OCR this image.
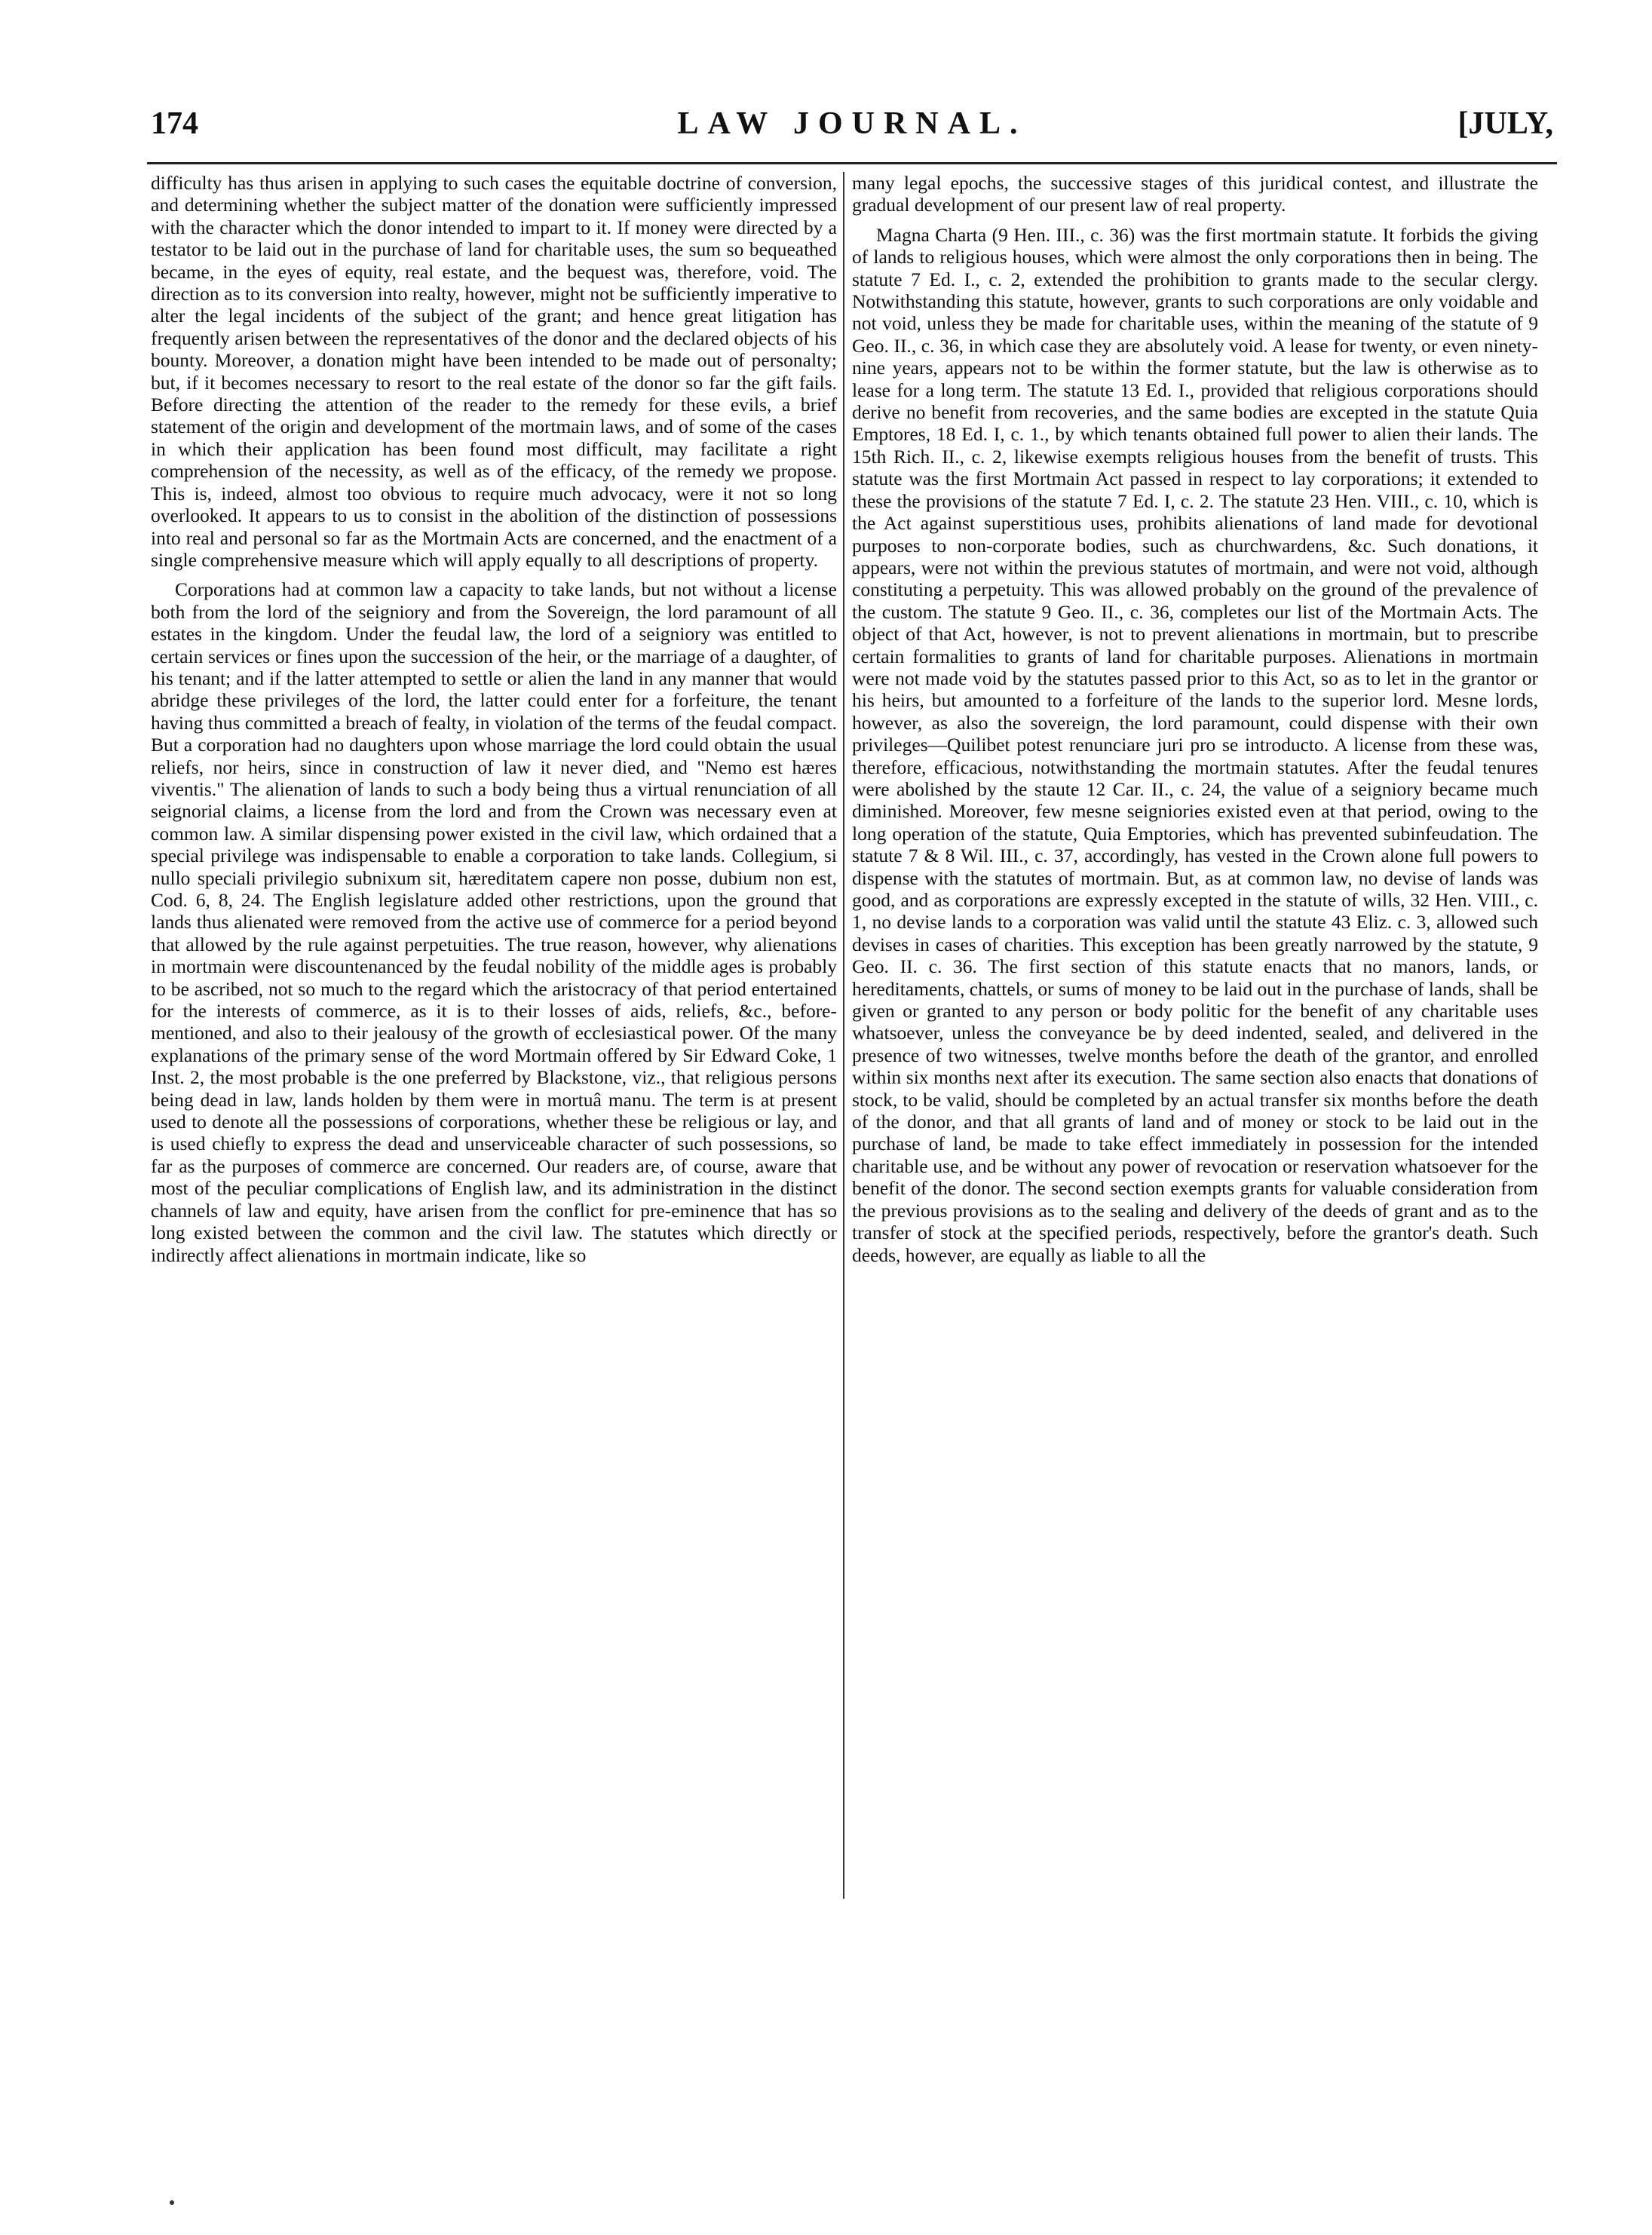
174	LAW JOURNAL.	[JULY,

difficulty has thus arisen in applying to such cases the equitable doctrine of conversion, and determining whether the subject matter of the donation were sufficiently impressed with the character which the donor intended to impart to it. If money were directed by a testator to be laid out in the purchase of land for charitable uses, the sum so bequeathed became, in the eyes of equity, real estate, and the bequest was, therefore, void. The direction as to its conversion into realty, however, might not be sufficiently imperative to alter the legal incidents of the subject of the grant; and hence great litigation has frequently arisen between the representatives of the donor and the declared objects of his bounty. Moreover, a donation might have been intended to be made out of personalty; but, if it becomes necessary to resort to the real estate of the donor so far the gift fails. Before directing the attention of the reader to the remedy for these evils, a brief statement of the origin and development of the mortmain laws, and of some of the cases in which their application has been found most difficult, may facilitate a right comprehension of the necessity, as well as of the efficacy, of the remedy we propose. This is, indeed, almost too obvious to require much advocacy, were it not so long overlooked. It appears to us to consist in the abolition of the distinction of possessions into real and personal so far as the Mortmain Acts are concerned, and the enactment of a single comprehensive measure which will apply equally to all descriptions of property.

Corporations had at common law a capacity to take lands, but not without a license both from the lord of the seigniory and from the Sovereign, the lord paramount of all estates in the kingdom. Under the feudal law, the lord of a seigniory was entitled to certain services or fines upon the succession of the heir, or the marriage of a daughter, of his tenant; and if the latter attempted to settle or alien the land in any manner that would abridge these privileges of the lord, the latter could enter for a forfeiture, the tenant having thus committed a breach of fealty, in violation of the terms of the feudal compact. But a corporation had no daughters upon whose marriage the lord could obtain the usual reliefs, nor heirs, since in construction of law it never died, and "Nemo est hæres viventis." The alienation of lands to such a body being thus a virtual renunciation of all seignorial claims, a license from the lord and from the Crown was necessary even at common law. A similar dispensing power existed in the civil law, which ordained that a special privilege was indispensable to enable a corporation to take lands. Collegium, si nullo speciali privilegio subnixum sit, hæreditatem capere non posse, dubium non est, Cod. 6, 8, 24. The English legislature added other restrictions, upon the ground that lands thus alienated were removed from the active use of commerce for a period beyond that allowed by the rule against perpetuities. The true reason, however, why alienations in mortmain were discountenanced by the feudal nobility of the middle ages is probably to be ascribed, not so much to the regard which the aristocracy of that period entertained for the interests of commerce, as it is to their losses of aids, reliefs, &c., before-mentioned, and also to their jealousy of the growth of ecclesiastical power. Of the many explanations of the primary sense of the word Mortmain offered by Sir Edward Coke, 1 Inst. 2, the most probable is the one preferred by Blackstone, viz., that religious persons being dead in law, lands holden by them were in mortuâ manu. The term is at present used to denote all the possessions of corporations, whether these be religious or lay, and is used chiefly to express the dead and unserviceable character of such possessions, so far as the purposes of commerce are concerned. Our readers are, of course, aware that most of the peculiar complications of English law, and its administration in the distinct channels of law and equity, have arisen from the conflict for pre-eminence that has so long existed between the common and the civil law. The statutes which directly or indirectly affect alienations in mortmain indicate, like so

many legal epochs, the successive stages of this juridical contest, and illustrate the gradual development of our present law of real property.

Magna Charta (9 Hen. III., c. 36) was the first mortmain statute. It forbids the giving of lands to religious houses, which were almost the only corporations then in being. The statute 7 Ed. I., c. 2, extended the prohibition to grants made to the secular clergy. Notwithstanding this statute, however, grants to such corporations are only voidable and not void, unless they be made for charitable uses, within the meaning of the statute of 9 Geo. II., c. 36, in which case they are absolutely void. A lease for twenty, or even ninety-nine years, appears not to be within the former statute, but the law is otherwise as to lease for a long term. The statute 13 Ed. I., provided that religious corporations should derive no benefit from recoveries, and the same bodies are excepted in the statute Quia Emptores, 18 Ed. I, c. 1., by which tenants obtained full power to alien their lands. The 15th Rich. II., c. 2, likewise exempts religious houses from the benefit of trusts. This statute was the first Mortmain Act passed in respect to lay corporations; it extended to these the provisions of the statute 7 Ed. I, c. 2. The statute 23 Hen. VIII., c. 10, which is the Act against superstitious uses, prohibits alienations of land made for devotional purposes to non-corporate bodies, such as churchwardens, &c. Such donations, it appears, were not within the previous statutes of mortmain, and were not void, although constituting a perpetuity. This was allowed probably on the ground of the prevalence of the custom. The statute 9 Geo. II., c. 36, completes our list of the Mortmain Acts. The object of that Act, however, is not to prevent alienations in mortmain, but to prescribe certain formalities to grants of land for charitable purposes. Alienations in mortmain were not made void by the statutes passed prior to this Act, so as to let in the grantor or his heirs, but amounted to a forfeiture of the lands to the superior lord. Mesne lords, however, as also the sovereign, the lord paramount, could dispense with their own privileges—Quilibet potest renunciare juri pro se introducto. A license from these was, therefore, efficacious, notwithstanding the mortmain statutes. After the feudal tenures were abolished by the staute 12 Car. II., c. 24, the value of a seigniory became much diminished. Moreover, few mesne seigniories existed even at that period, owing to the long operation of the statute, Quia Emptories, which has prevented subinfeudation. The statute 7 & 8 Wil. III., c. 37, accordingly, has vested in the Crown alone full powers to dispense with the statutes of mortmain. But, as at common law, no devise of lands was good, and as corporations are expressly excepted in the statute of wills, 32 Hen. VIII., c. 1, no devise lands to a corporation was valid until the statute 43 Eliz. c. 3, allowed such devises in cases of charities. This exception has been greatly narrowed by the statute, 9 Geo. II. c. 36. The first section of this statute enacts that no manors, lands, or hereditaments, chattels, or sums of money to be laid out in the purchase of lands, shall be given or granted to any person or body politic for the benefit of any charitable uses whatsoever, unless the conveyance be by deed indented, sealed, and delivered in the presence of two witnesses, twelve months before the death of the grantor, and enrolled within six months next after its execution. The same section also enacts that donations of stock, to be valid, should be completed by an actual transfer six months before the death of the donor, and that all grants of land and of money or stock to be laid out in the purchase of land, be made to take effect immediately in possession for the intended charitable use, and be without any power of revocation or reservation whatsoever for the benefit of the donor. The second section exempts grants for valuable consideration from the previous provisions as to the sealing and delivery of the deeds of grant and as to the transfer of stock at the specified periods, respectively, before the grantor's death. Such deeds, however, are equally as liable to all the
